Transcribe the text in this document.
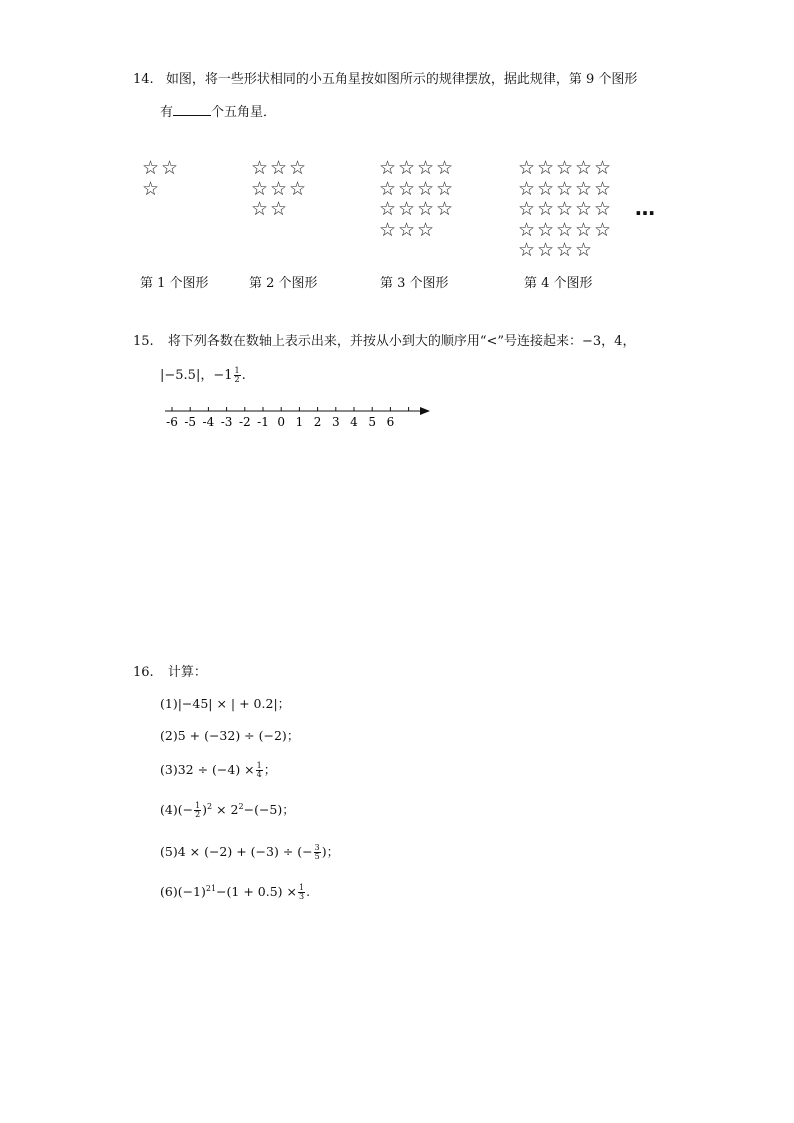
14. 如图，将一些形状相同的小五角星按如图所示的规律摆放，据此规律，第 9 个图形
有	个五角星．
☆ ☆
☆
第 1 个图形
☆ ☆ ☆
☆ ☆ ☆
☆ ☆
第 2 个图形
☆ ☆ ☆ ☆
☆ ☆ ☆ ☆
☆ ☆ ☆ ☆
☆ ☆ ☆
第 3 个图形
☆ ☆ ☆ ☆ ☆
☆ ☆ ☆ ☆ ☆
☆ ☆ ☆ ☆ ☆
☆ ☆ ☆ ☆ ☆
☆ ☆ ☆ ☆
第 4 个图形
…
15. 将下列各数在数轴上表示出来，并按从小到大的顺序用“<”号连接起来：−3，4，
|−5.5|，$-1 \frac{1}{2}$ .
-6 -5 -4 -3 -2 -1 0 1 2 3 4 5 6
16. 计算：
(1)|−45| × | + 0.2|；
(2)5 + (−32) ÷ (−2)；
$(3)32 \div (-4) \times \frac{1}{4}$ ；
$(4)(- \frac{1}{2} )^2 \times 2^2-(-5)$；
(5)4 × (−2) + (−3) ÷ (− $\frac{3}{5}$ )；
$(6)(-1)^{21}-(1 + 0.5) \times \frac{1}{3}$ .
